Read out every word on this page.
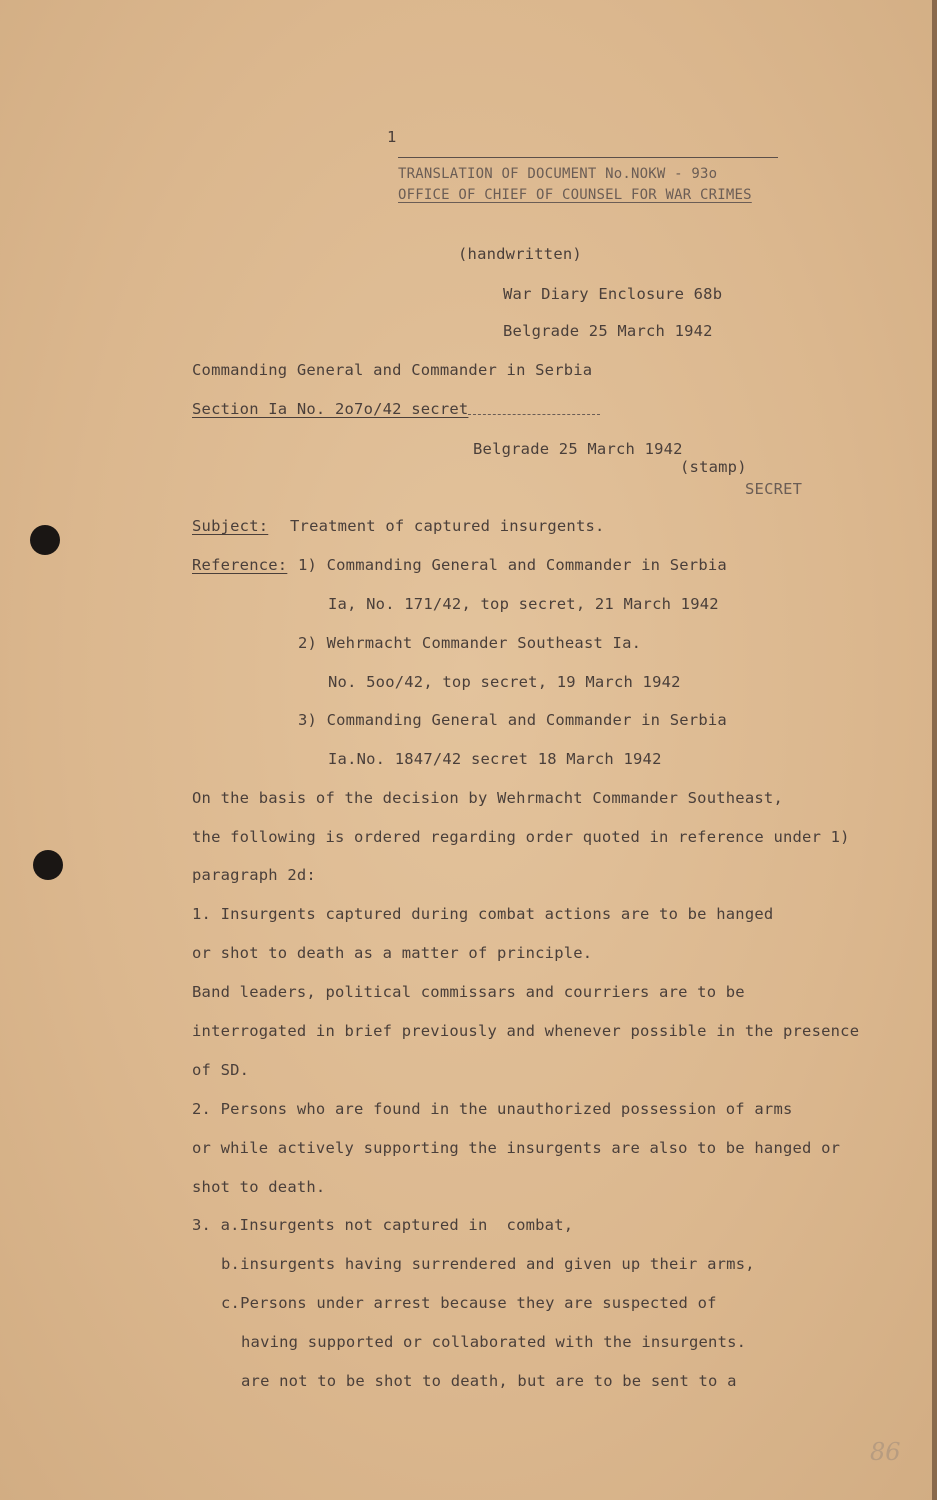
1
TRANSLATION OF DOCUMENT No.NOKW - 93o
OFFICE OF CHIEF OF COUNSEL FOR WAR CRIMES
(handwritten)
War Diary Enclosure 68b
Belgrade 25 March 1942
Commanding General and Commander in Serbia
Section Ia No. 2o7o/42 secret
Belgrade 25 March 1942
(stamp)
SECRET
Subject: Treatment of captured insurgents.
Reference: 1) Commanding General and Commander in Serbia
Ia, No. 171/42, top secret, 21 March 1942
2) Wehrmacht Commander Southeast Ia.
No. 5oo/42, top secret, 19 March 1942
3) Commanding General and Commander in Serbia
Ia.No. 1847/42 secret 18 March 1942
On the basis of the decision by Wehrmacht Commander Southeast,
the following is ordered regarding order quoted in reference under 1)
paragraph 2d:
1. Insurgents captured during combat actions are to be hanged
or shot to death as a matter of principle.
Band leaders, political commissars and courriers are to be
interrogated in brief previously and whenever possible in the presence
of SD.
2. Persons who are found in the unauthorized possession of arms
or while actively supporting the insurgents are also to be hanged or
shot to death.
3. a.Insurgents not captured in  combat,
b.insurgents having surrendered and given up their arms,
c.Persons under arrest because they are suspected of
having supported or collaborated with the insurgents.
are not to be shot to death, but are to be sent to a
86
